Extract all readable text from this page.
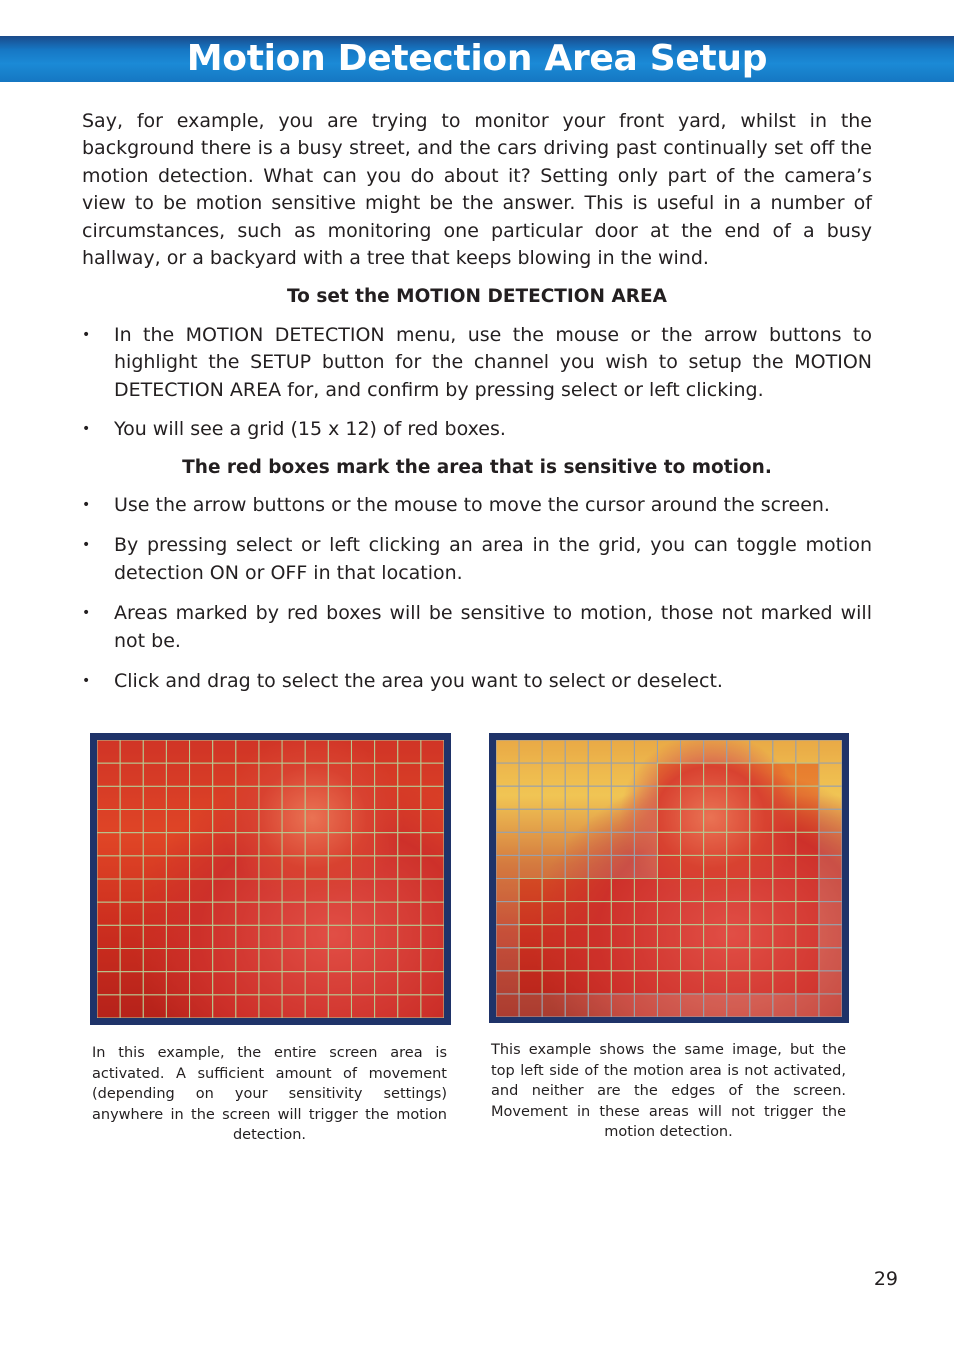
Motion Detection Area Setup

Say, for example, you are trying to monitor your front yard, whilst in the background there is a busy street, and the cars driving past continually set off the motion detection. What can you do about it? Setting only part of the camera’s view to be motion sensitive might be the answer. This is useful in a number of circumstances, such as monitoring one particular door at the end of a busy hallway, or a backyard with a tree that keeps blowing in the wind.

To set the MOTION DETECTION AREA

• In the MOTION DETECTION menu, use the mouse or the arrow buttons to highlight the SETUP button for the channel you wish to setup the MOTION DETECTION AREA for, and confirm by pressing select or left clicking.
• You will see a grid (15 x 12) of red boxes.

The red boxes mark the area that is sensitive to motion.

• Use the arrow buttons or the mouse to move the cursor around the screen.
• By pressing select or left clicking an area in the grid, you can toggle motion detection ON or OFF in that location.
• Areas marked by red boxes will be sensitive to motion, those not marked will not be.
• Click and drag to select the area you want to select or deselect.

In this example, the entire screen area is activated. A sufficient amount of movement (depending on your sensitivity settings) anywhere in the screen will trigger the motion detection.

This example shows the same image, but the top left side of the motion area is not activated, and neither are the edges of the screen. Movement in these areas will not trigger the motion detection.

29
